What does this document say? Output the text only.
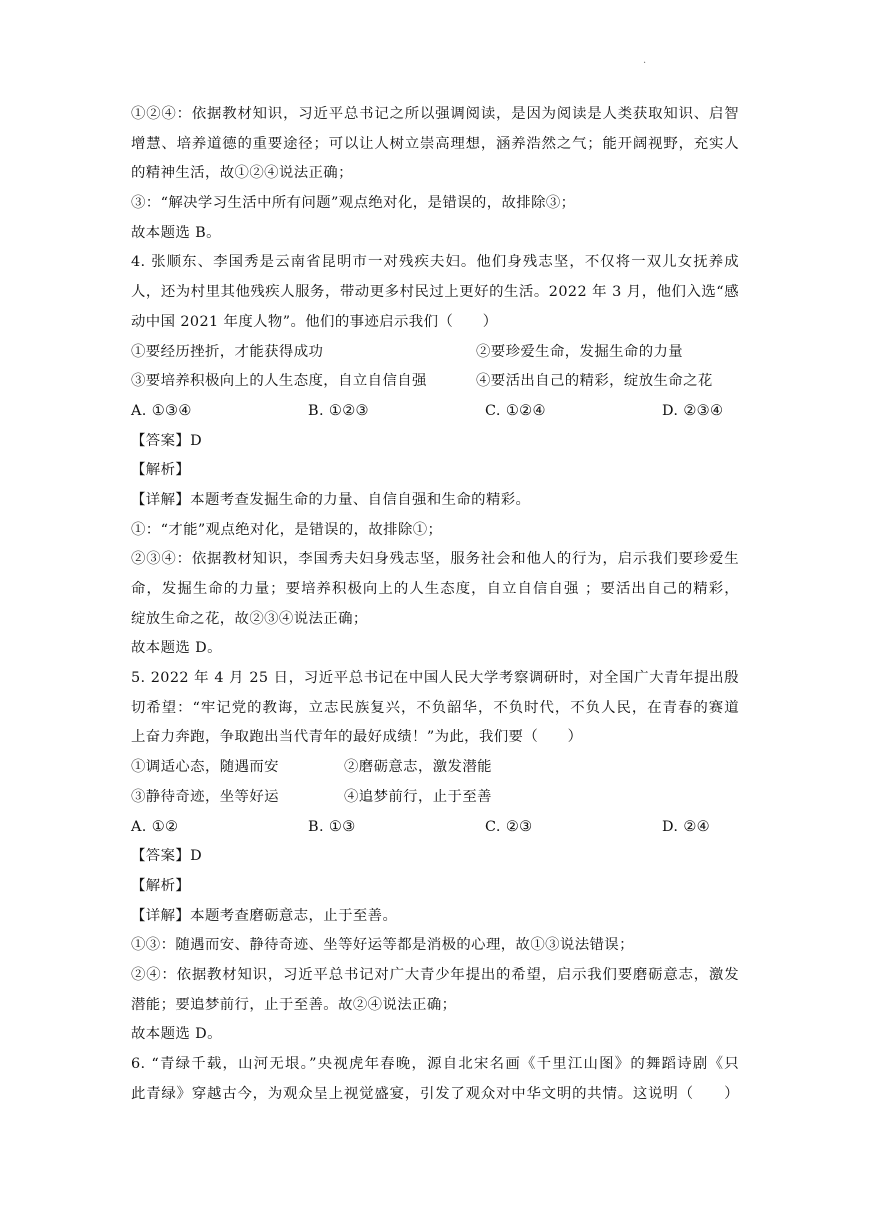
·
①②④：依据教材知识，习近平总书记之所以强调阅读，是因为阅读是人类获取知识、启智
增慧、培养道德的重要途径；可以让人树立崇高理想，涵养浩然之气；能开阔视野，充实人
的精神生活，故①②④说法正确；
③：“解决学习生活中所有问题”观点绝对化，是错误的，故排除③；
故本题选 B。
4. 张顺东、李国秀是云南省昆明市一对残疾夫妇。他们身残志坚，不仅将一双儿女抚养成
人，还为村里其他残疾人服务，带动更多村民过上更好的生活。2022 年 3 月，他们入选“感
动中国 2021 年度人物”。他们的事迹启示我们（　　）
①要经历挫折，才能获得成功	②要珍爱生命，发掘生命的力量
③要培养积极向上的人生态度，自立自信自强	④要活出自己的精彩，绽放生命之花
A. ①③④	B. ①②③	C. ①②④	D. ②③④
【答案】D
【解析】
【详解】本题考查发掘生命的力量、自信自强和生命的精彩。
①：“才能”观点绝对化，是错误的，故排除①；
②③④：依据教材知识，李国秀夫妇身残志坚，服务社会和他人的行为，启示我们要珍爱生
命，发掘生命的力量；要培养积极向上的人生态度，自立自信自强 ；要活出自己的精彩，
绽放生命之花，故②③④说法正确；
故本题选 D。
5. 2022 年 4 月 25 日，习近平总书记在中国人民大学考察调研时，对全国广大青年提出殷
切希望：“牢记党的教诲，立志民族复兴，不负韶华，不负时代，不负人民，在青春的赛道
上奋力奔跑，争取跑出当代青年的最好成绩！”为此，我们要（　　）
①调适心态，随遇而安	②磨砺意志，激发潜能
③静待奇迹，坐等好运	④追梦前行，止于至善
A. ①②	B. ①③	C. ②③	D. ②④
【答案】D
【解析】
【详解】本题考查磨砺意志，止于至善。
①③：随遇而安、静待奇迹、坐等好运等都是消极的心理，故①③说法错误；
②④：依据教材知识，习近平总书记对广大青少年提出的希望，启示我们要磨砺意志，激发
潜能；要追梦前行，止于至善。故②④说法正确；
故本题选 D。
6. “青绿千载，山河无垠。”央视虎年春晚，源自北宋名画《千里江山图》的舞蹈诗剧《只
此青绿》穿越古今，为观众呈上视觉盛宴，引发了观众对中华文明的共情。这说明（　　）
